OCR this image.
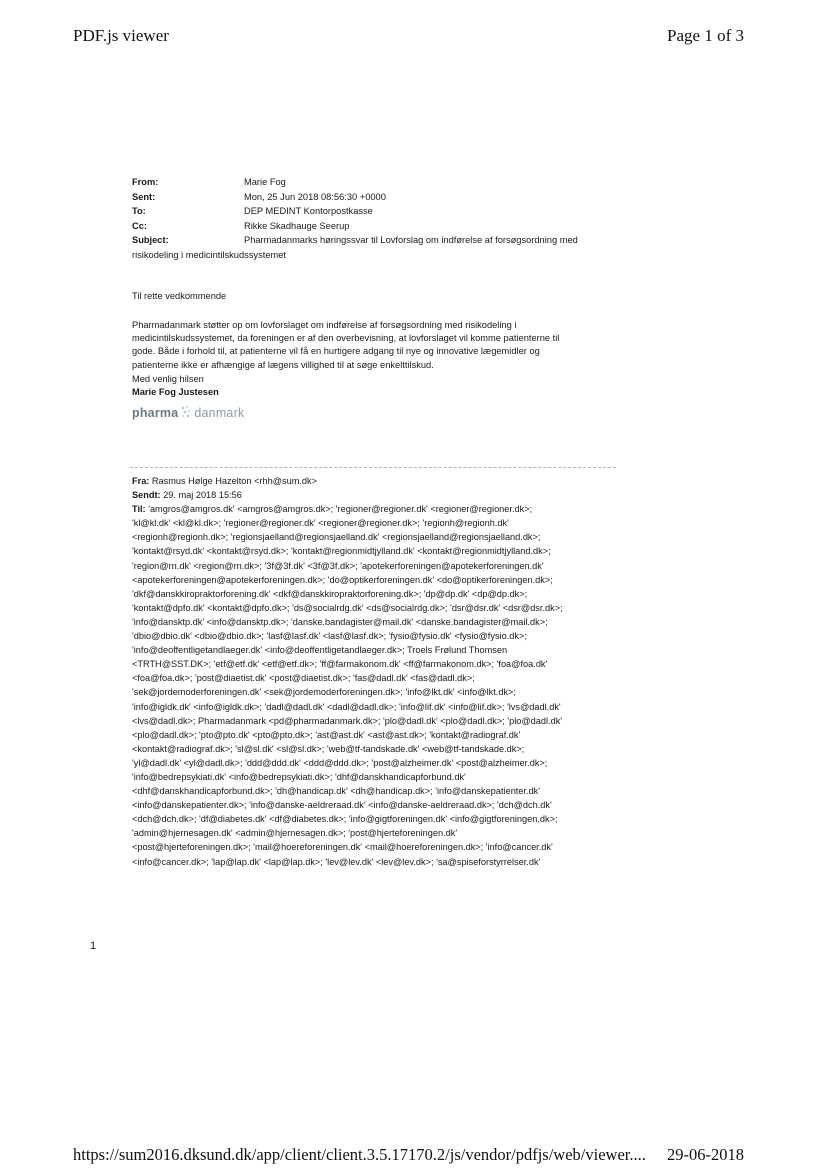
PDF.js viewer	Page 1 of 3
From:	Marie Fog
Sent:	Mon, 25 Jun 2018 08:56:30 +0000
To:	DEP MEDINT Kontorpostkasse
Cc:	Rikke Skadhauge Seerup
Subject:	Pharmadanmarks høringssvar til Lovforslag om indførelse af forsøgsordning med
risikodeling i medicintilskudssystemet
Til rette vedkommende

Pharmadanmark støtter op om lovforslaget om indførelse af forsøgsordning med risikodeling i

medicintilskudssystemet, da foreningen er af den overbevisning, at lovforslaget vil komme patienterne til

gode. Både i forhold til, at patienterne vil få en hurtigere adgang til nye og innovative lægemidler og

patienterne ikke er afhængige af lægens villighed til at søge enkelttilskud.

Med venlig hilsen

Marie Fog Justesen

pharma danmark
Fra: Rasmus Hølge Hazelton <rhh@sum.dk>
Sendt: 29. maj 2018 15:56
Til: 'amgros@amgros.dk' <amgros@amgros.dk>; 'regioner@regioner.dk' <regioner@regioner.dk>;
'kl@kl.dk' <kl@kl.dk>; 'regioner@regioner.dk' <regioner@regioner.dk>; 'regionh@regionh.dk'
<regionh@regionh.dk>; 'regionsjaelland@regionsjaelland.dk' <regionsjaelland@regionsjaelland.dk>;
'kontakt@rsyd.dk' <kontakt@rsyd.dk>; 'kontakt@regionmidtjylland.dk' <kontakt@regionmidtjylland.dk>;
'region@rn.dk' <region@rn.dk>; '3f@3f.dk' <3f@3f.dk>; 'apotekerforeningen@apotekerforeningen.dk'
<apotekerforeningen@apotekerforeningen.dk>; 'do@optikerforeningen.dk' <do@optikerforeningen.dk>;
'dkf@danskkiropraktorforening.dk' <dkf@danskkiropraktorforening.dk>; 'dp@dp.dk' <dp@dp.dk>;
'kontakt@dpfo.dk' <kontakt@dpfo.dk>; 'ds@socialrdg.dk' <ds@socialrdg.dk>; 'dsr@dsr.dk' <dsr@dsr.dk>;
'info@dansktp.dk' <info@dansktp.dk>; 'danske.bandagister@mail.dk' <danske.bandagister@mail.dk>;
'dbio@dbio.dk' <dbio@dbio.dk>; 'lasf@lasf.dk' <lasf@lasf.dk>; 'fysio@fysio.dk' <fysio@fysio.dk>;
'info@deoffentligetandlaeger.dk' <info@deoffentligetandlaeger.dk>; Troels Frølund Thomsen
<TRTH@SST.DK>; 'etf@etf.dk' <etf@etf.dk>; 'ff@farmakonom.dk' <ff@farmakonom.dk>; 'foa@foa.dk'
<foa@foa.dk>; 'post@diaetist.dk' <post@diaetist.dk>; 'fas@dadl.dk' <fas@dadl.dk>;
'sek@jordemoderforeningen.dk' <sek@jordemoderforeningen.dk>; 'info@lkt.dk' <info@lkt.dk>;
'info@igldk.dk' <info@igldk.dk>; 'dadl@dadl.dk' <dadl@dadl.dk>; 'info@lif.dk' <info@lif.dk>; 'lvs@dadl.dk'
<lvs@dadl.dk>; Pharmadanmark <pd@pharmadanmark.dk>; 'plo@dadl.dk' <plo@dadl.dk>; 'plo@dadl.dk'
<plo@dadl.dk>; 'pto@pto.dk' <pto@pto.dk>; 'ast@ast.dk' <ast@ast.dk>; 'kontakt@radiograf.dk'
<kontakt@radiograf.dk>; 'sl@sl.dk' <sl@sl.dk>; 'web@tf-tandskade.dk' <web@tf-tandskade.dk>;
'yl@dadl.dk' <yl@dadl.dk>; 'ddd@ddd.dk' <ddd@ddd.dk>; 'post@alzheimer.dk' <post@alzheimer.dk>;
'info@bedrepsykiati.dk' <info@bedrepsykiati.dk>; 'dhf@danskhandicapforbund.dk'
<dhf@danskhandicapforbund.dk>; 'dh@handicap.dk' <dh@handicap.dk>; 'info@danskepatienter.dk'
<info@danskepatienter.dk>; 'info@danske-aeldreraad.dk' <info@danske-aeldreraad.dk>; 'dch@dch.dk'
<dch@dch.dk>; 'df@diabetes.dk' <df@diabetes.dk>; 'info@gigtforeningen.dk' <info@gigtforeningen.dk>;
'admin@hjernesagen.dk' <admin@hjernesagen.dk>; 'post@hjerteforeningen.dk'
<post@hjerteforeningen.dk>; 'mail@hoereforeningen.dk' <mail@hoereforeningen.dk>; 'info@cancer.dk'
<info@cancer.dk>; 'lap@lap.dk' <lap@lap.dk>; 'lev@lev.dk' <lev@lev.dk>; 'sa@spiseforstyrrelser.dk'
1
https://sum2016.dksund.dk/app/client/client.3.5.17170.2/js/vendor/pdfjs/web/viewer.... 29-06-2018
